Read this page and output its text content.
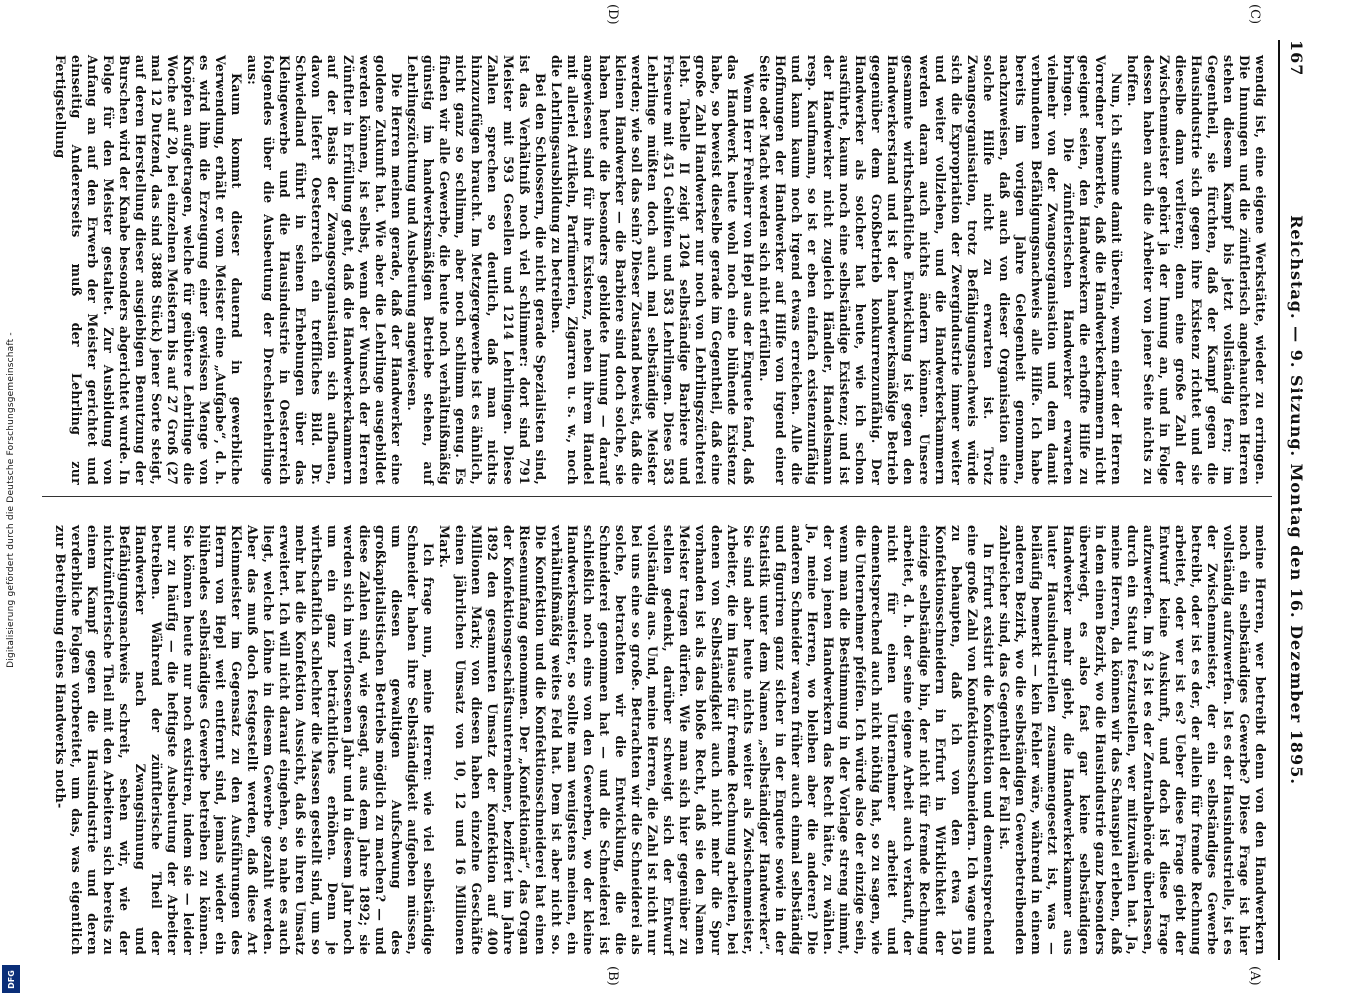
Digitalisierung gefördert durch die Deutsche Forschungsgemeinschaft -
DFG
167
Reichstag. — 9. Sitzung. Montag den 16. Dezember 1895.
(C)
(D)
(A)
(B)

wendig ist, eine eigene Werkstätte, wieder zu erringen. Die Innungen und die zünftlerisch angehauchten Herren stehen diesem Kampf bis jetzt vollständig fern; im Gegentheil, sie fürchten, daß der Kampf gegen die Hausindustrie sich gegen ihre Existenz richtet und sie dieselbe dann verlieren; denn eine große Zahl der Zwischenmeister gehört ja der Innung an, und in Folge dessen haben auch die Arbeiter von jener Seite nichts zu hoffen.

Nun, ich stimme damit überein, wenn einer der Herren Vorredner bemerkte, daß die Handwerkerkammern nicht geeignet seien, den Handwerkern die erhoffte Hilfe zu bringen. Die zünftlerischen Handwerker erwarten vielmehr von der Zwangsorganisation und dem damit verbundenen Befähigungsnachweis alle Hilfe. Ich habe bereits im vorigen Jahre Gelegenheit genommen, nachzuweisen, daß auch von dieser Organisation eine solche Hilfe nicht zu erwarten ist. Trotz Zwangsorganisation, trotz Befähigungsnachweis würde sich die Expropriation der Zwergindustrie immer weiter und weiter vollziehen, und die Handwerkerkammern werden daran auch nichts ändern können. Unsere gesammte wirthschaftliche Entwicklung ist gegen den Handwerkerstand und ist der handwerksmäßige Betrieb gegenüber dem Großbetrieb konkurrenzunfähig. Der Handwerker als solcher hat heute, wie ich schon ausführte, kaum noch eine selbständige Existenz; und ist der Handwerker nicht zugleich Händler, Handelsmann resp. Kaufmann, so ist er eben einfach existenzunfähig und kann kaum noch irgend etwas erreichen. Alle die Hoffnungen der Handwerker auf Hilfe von irgend einer Seite oder Macht werden sich nicht erfüllen.

Wenn Herr Freiherr von Hepl aus der Enquete fand, daß das Handwerk heute wohl noch eine blühende Existenz habe, so beweist dieselbe gerade im Gegentheil, daß eine große Zahl Handwerker nur noch von Lehrlingszüchterei lebt. Tabelle II zeigt 1204 selbständige Barbiere und Friseure mit 451 Gehilfen und 583 Lehrlingen. Diese 583 Lehrlinge müßten doch auch mal selbständige Meister werden; wie soll das sein? Dieser Zustand beweist, daß die kleinen Handwerker — die Barbiere sind doch solche, sie haben heute die besonders gebildete Innung — darauf angewiesen sind für ihre Existenz, neben ihrem Handel mit allerlei Artikeln, Parfümerien, Zigarren u. s. w., noch die Lehrlingsausbildung zu betreiben.

Bei den Schlossern, die nicht gerade Spezialisten sind, ist das Verhältniß noch viel schlimmer: dort sind 791 Meister mit 593 Gesellen und 1214 Lehrlingen. Diese Zahlen sprechen so deutlich, daß man nichts hinzuzufügen braucht. Im Metzgergewerbe ist es ähnlich, nicht ganz so schlimm, aber noch schlimm genug. Es finden wir alle Gewerbe, die heute noch verhältnißmäßig günstig im handwerksmäßigen Betriebe stehen, auf Lehrlingszüchtung und Ausbeutung angewiesen.

Die Herren meinen gerade, daß der Handwerker eine goldene Zukunft hat. Wie aber die Lehrlinge ausgebildet werden können, ist selbst, wenn der Wunsch der Herren Zünftler in Erfüllung geht, daß die Handwerkerkammern auf der Basis der Zwangsorganisation sich aufbauen, davon liefert Oesterreich ein treffliches Bild. Dr. Schwiedland führt in seinen Erhebungen über das Kleingewerbe und die Hausindustrie in Oesterreich folgendes über die Ausbeutung der Drechslerlehrlinge aus:

Kaum kommt dieser dauernd in gewerbliche Verwendung, erhält er vom Meister eine „Aufgabe“, d. h. es wird ihm die Erzeugung einer gewissen Menge von Knöpfen aufgetragen, welche für geübtere Lehrlinge die Woche auf 20, bei einzelnen Meistern bis auf 27 Groß (27 mal 12 Dutzend, das sind 3888 Stück) jener Sorte steigt, auf deren Herstellung dieser ausgiebigen Benutzung der Burschen wird der Knabe besonders abgerichtet wurde. In Folge für den Meister gestaltet. Zur Ausbildung von Anfang an auf den Erwerb der Meister gerichtet und einseitig Andererseits muß der Lehrling zur Fertigstellung

meine Herren, wer betreibt denn von den Handwerkern noch ein selbständiges Gewerbe? Diese Frage ist hier vollständig aufzuwerfen. Ist es der Hausindustrielle, ist es der Zwischenmeister, der ein selbständiges Gewerbe betreibt, oder ist es der, der allein für fremde Rechnung arbeitet, oder wer ist es? Ueber diese Frage giebt der Entwurf keine Auskunft, und doch ist diese Frage aufzuwerfen. Im § 2 ist es der Zentralbehörde überlassen, durch ein Statut festzustellen, wer mitzuwählen hat. Ja, meine Herren, da können wir das Schauspiel erleben, daß in dem einen Bezirk, wo die Hausindustrie ganz besonders überwiegt, es also fast gar keine selbständigen Handwerker mehr giebt, die Handwerkerkammer aus lauter Hausindustriellen zusammengesetzt ist, was — beiläufig bemerkt — kein Fehler wäre, während in einem anderen Bezirk, wo die selbständigen Gewerbetreibenden zahlreicher sind, das Gegentheil der Fall ist.

In Erfurt existirt die Konfektion und dementsprechend eine große Zahl von Konfektionsschneidern. Ich wage nun zu behaupten, daß ich von den etwa 150 Konfektionsschneidern in Erfurt in Wirklichkeit der einzige selbständige bin, der nicht für fremde Rechnung arbeitet, d. h. der seine eigene Arbeit auch verkauft, der nicht für einen Unternehmer arbeitet und dementsprechend auch nicht nöthig hat, so zu sagen, wie die Unternehmer pfeifen. Ich würde also der einzige sein, wenn man die Bestimmung in der Vorlage streng nimmt, der von jenen Handwerkern das Recht hätte, zu wählen. Ja, meine Herren, wo bleiben aber die anderen? Die anderen Schneider waren früher auch einmal selbständig und figuriren ganz sicher in der Enquete sowie in der Statistik unter dem Namen „selbständiger Handwerker“. Sie sind aber heute nichts weiter als Zwischenmeister, Arbeiter, die im Hause für fremde Rechnung arbeiten, bei denen von Selbständigkeit auch nicht mehr die Spur vorhanden ist als das bloße Recht, daß sie den Namen Meister tragen dürfen. Wie man sich hier gegenüber zu stellen gedenkt, darüber schweigt sich der Entwurf vollständig aus. Und, meine Herren, die Zahl ist nicht nur bei uns eine so große. Betrachten wir die Schneiderei als solche, betrachten wir die Entwicklung, die die Schneiderei genommen hat — und die Schneiderei ist schließlich noch eins von den Gewerben, wo der kleine Handwerksmeister, so sollte man wenigstens meinen, ein verhältnißmäßig weites Feld hat. Dem ist aber nicht so. Die Konfektion und die Konfektionsschneiderei hat einen Riesenumfang genommen. Der „Konfektionär“, das Organ der Konfektionsgeschäftsunternehmer, beziffert im Jahre 1892 den gesammten Umsatz der Konfektion auf 400 Millionen Mark; von diesen haben einzelne Geschäfte einen jährlichen Umsatz von 10, 12 und 16 Millionen Mark.

Ich frage nun, meine Herren: wie viel selbständige Schneider haben ihre Selbständigkeit aufgeben müssen, um diesen gewaltigen Aufschwung des großkapitalistischen Betriebs möglich zu machen? — und diese Zahlen sind, wie gesagt, aus dem Jahre 1892; sie werden sich im verflossenen Jahr und in diesem Jahr noch um ein ganz beträchtliches erhöhen. Denn je wirthschaftlich schlechter die Massen gestellt sind, um so mehr hat die Konfektion Aussicht, daß sie ihren Umsatz erweitert. Ich will nicht darauf eingehen, so nahe es auch liegt, welche Löhne in diesem Gewerbe gezahlt werden. Aber das muß doch festgestellt werden, daß diese Art Kleinmeister im Gegensatz zu den Ausführungen des Herrn von Hepl weit entfernt sind, jemals wieder ein blühendes selbständiges Gewerbe betreiben zu können. Sie können heute nur noch existiren, indem sie — leider nur zu häufig — die heftigste Ausbeutung der Arbeiter betreiben. Während der zünftlerische Theil der Handwerker nach Zwangsinnung und Befähigungsnachweis schreit, sehen wir, wie der nichtzünftlerische Theil mit den Arbeitern sich bereits zu einem Kampf gegen die Hausindustrie und deren verderbliche Folgen vorbereitet, um das, was eigentlich zur Betreibung eines Handwerks noth-
